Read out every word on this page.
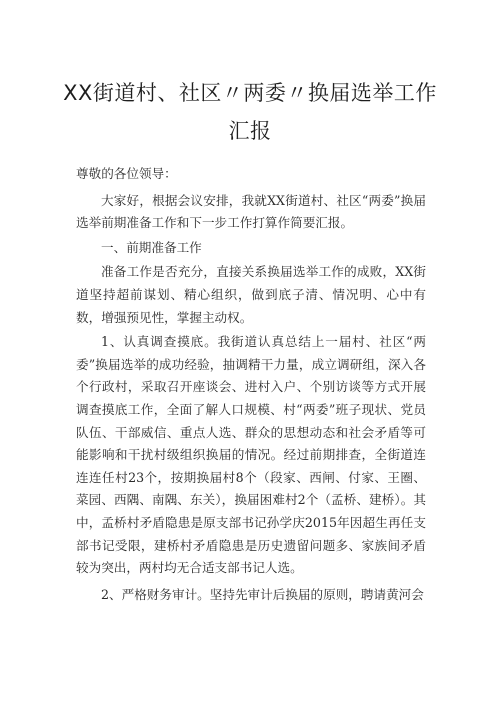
XX街道村、社区〃两委〃换届选举工作汇报

尊敬的各位领导：

大家好，根据会议安排，我就XX街道村、社区“两委”换届选举前期准备工作和下一步工作打算作简要汇报。

一、前期准备工作

准备工作是否充分，直接关系换届选举工作的成败，XX街道坚持超前谋划、精心组织，做到底子清、情况明、心中有数，增强预见性，掌握主动权。

1、认真调查摸底。我街道认真总结上一届村、社区“两委”换届选举的成功经验，抽调精干力量，成立调研组，深入各个行政村，采取召开座谈会、进村入户、个别访谈等方式开展调查摸底工作，全面了解人口规模、村“两委”班子现状、党员队伍、干部威信、重点人选、群众的思想动态和社会矛盾等可能影响和干扰村级组织换届的情况。经过前期排查，全街道连连连任村23个，按期换届村8个（段家、西闸、付家、王圈、菜园、西隅、南隅、东关），换届困难村2个（孟桥、建桥）。其中，孟桥村矛盾隐患是原支部书记孙学庆2015年因超生再任支部书记受限，建桥村矛盾隐患是历史遗留问题多、家族间矛盾较为突出，两村均无合适支部书记人选。

2、严格财务审计。坚持先审计后换届的原则，聘请黄河会
